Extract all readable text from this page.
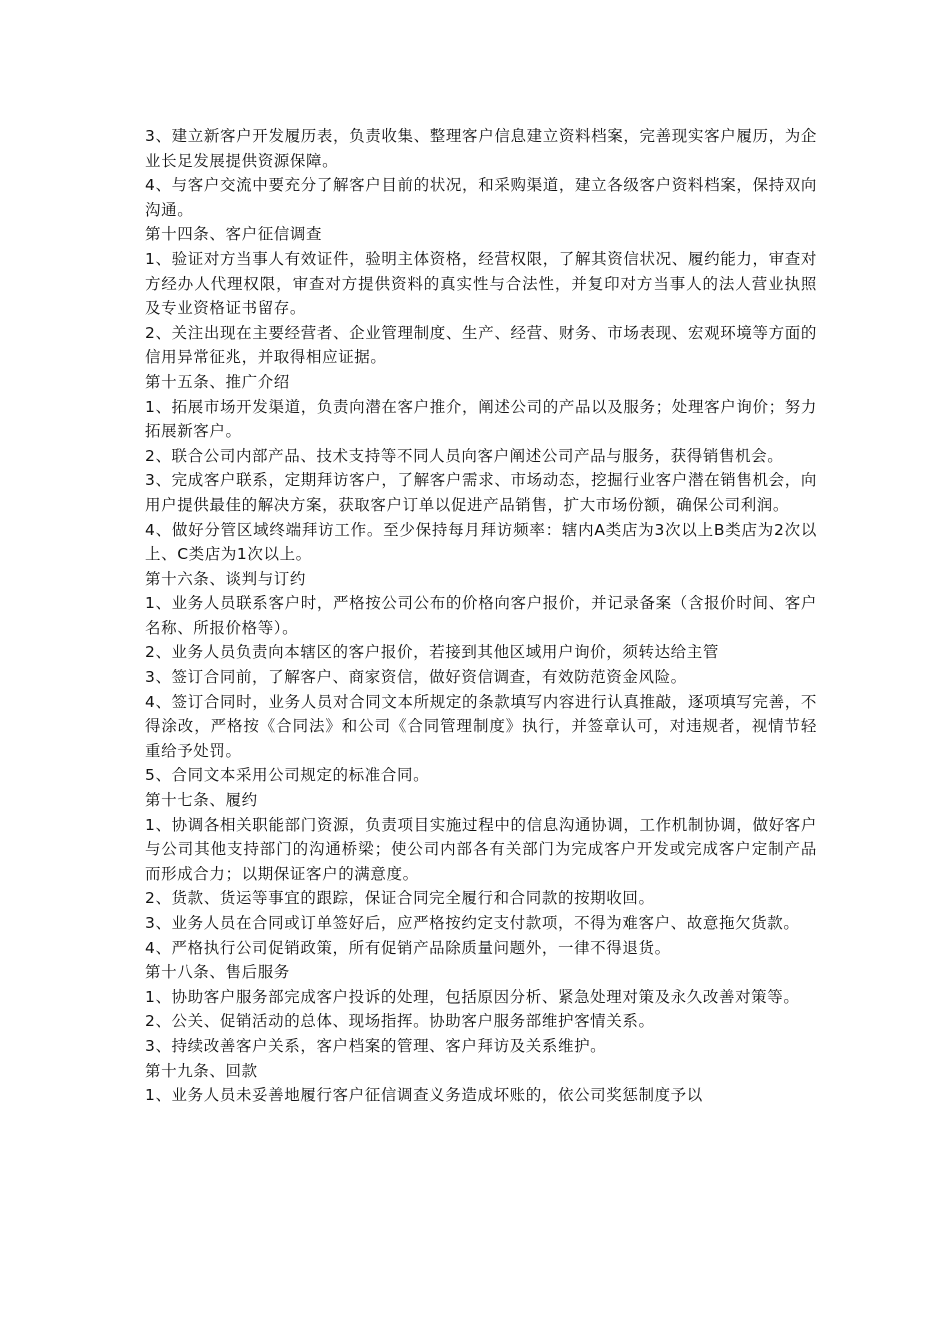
3、建立新客户开发履历表，负责收集、整理客户信息建立资料档案，完善现实客户履历，为企业长足发展提供资源保障。

4、与客户交流中要充分了解客户目前的状况，和采购渠道，建立各级客户资料档案，保持双向沟通。

第十四条、客户征信调查

1、验证对方当事人有效证件，验明主体资格，经营权限，了解其资信状况、履约能力，审查对方经办人代理权限，审查对方提供资料的真实性与合法性，并复印对方当事人的法人营业执照及专业资格证书留存。

2、关注出现在主要经营者、企业管理制度、生产、经营、财务、市场表现、宏观环境等方面的信用异常征兆，并取得相应证据。

第十五条、推广介绍

1、拓展市场开发渠道，负责向潜在客户推介，阐述公司的产品以及服务；处理客户询价；努力拓展新客户。

2、联合公司内部产品、技术支持等不同人员向客户阐述公司产品与服务，获得销售机会。

3、完成客户联系，定期拜访客户，了解客户需求、市场动态，挖掘行业客户潜在销售机会，向用户提供最佳的解决方案，获取客户订单以促进产品销售，扩大市场份额，确保公司利润。

4、做好分管区域终端拜访工作。至少保持每月拜访频率：辖内A类店为3次以上B类店为2次以上、C类店为1次以上。

第十六条、谈判与订约

1、业务人员联系客户时，严格按公司公布的价格向客户报价，并记录备案（含报价时间、客户名称、所报价格等）。

2、业务人员负责向本辖区的客户报价，若接到其他区域用户询价，须转达给主管

3、签订合同前，了解客户、商家资信，做好资信调查，有效防范资金风险。

4、签订合同时，业务人员对合同文本所规定的条款填写内容进行认真推敲，逐项填写完善，不得涂改，严格按《合同法》和公司《合同管理制度》执行，并签章认可，对违规者，视情节轻重给予处罚。

5、合同文本采用公司规定的标准合同。

第十七条、履约

1、协调各相关职能部门资源，负责项目实施过程中的信息沟通协调，工作机制协调，做好客户与公司其他支持部门的沟通桥梁；使公司内部各有关部门为完成客户开发或完成客户定制产品而形成合力；以期保证客户的满意度。

2、货款、货运等事宜的跟踪，保证合同完全履行和合同款的按期收回。

3、业务人员在合同或订单签好后，应严格按约定支付款项，不得为难客户、故意拖欠货款。

4、严格执行公司促销政策，所有促销产品除质量问题外，一律不得退货。

第十八条、售后服务

1、协助客户服务部完成客户投诉的处理，包括原因分析、紧急处理对策及永久改善对策等。

2、公关、促销活动的总体、现场指挥。协助客户服务部维护客情关系。

3、持续改善客户关系，客户档案的管理、客户拜访及关系维护。

第十九条、回款

1、业务人员未妥善地履行客户征信调查义务造成坏账的，依公司奖惩制度予以
